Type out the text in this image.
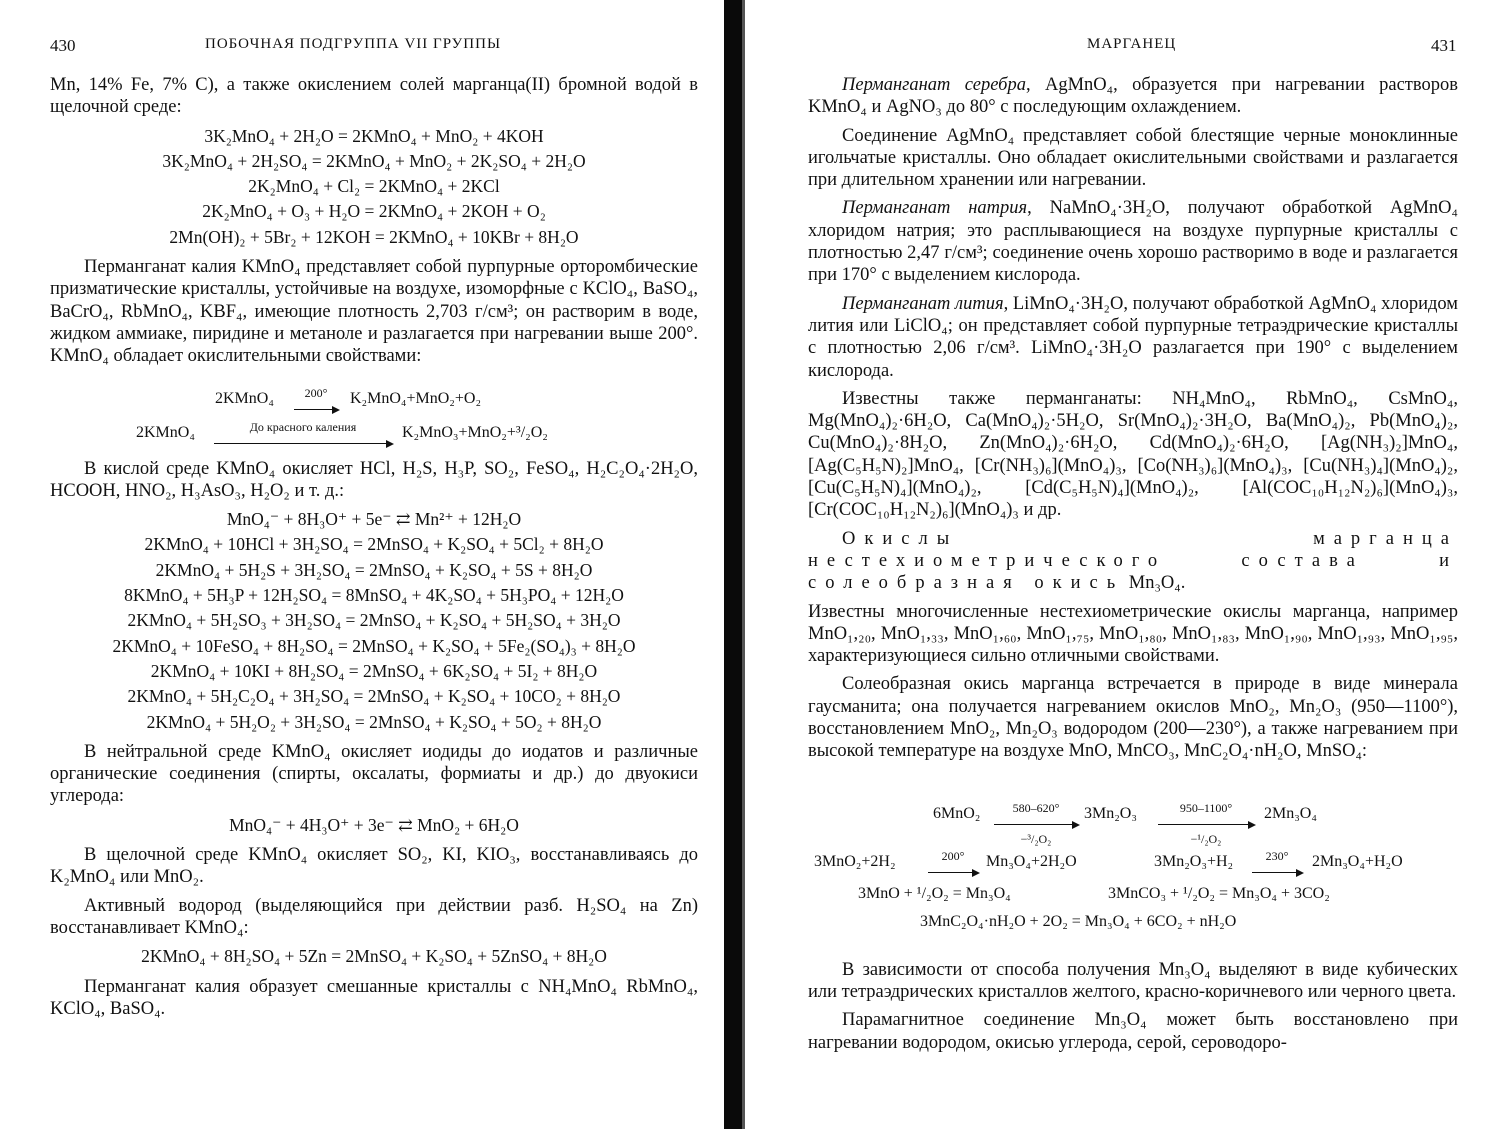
430	ПОБОЧНАЯ ПОДГРУППА VII ГРУППЫ

Mn, 14% Fe, 7% C), а также окислением солей марганца(II) бромной водой в щелочной среде:

3K₂MnO₄ + 2H₂O = 2KMnO₄ + MnO₂ + 4KOH
3K₂MnO₄ + 2H₂SO₄ = 2KMnO₄ + MnO₂ + 2K₂SO₄ + 2H₂O
2K₂MnO₄ + Cl₂ = 2KMnO₄ + 2KCl
2K₂MnO₄ + O₃ + H₂O = 2KMnO₄ + 2KOH + O₂
2Mn(OH)₂ + 5Br₂ + 12KOH = 2KMnO₄ + 10KBr + 8H₂O

Перманганат калия KMnO₄ представляет собой пурпурные орторомбические призматические кристаллы, устойчивые на воздухе, изоморфные с KClO₄, BaSO₄, BaCrO₄, RbMnO₄, KBF₄, имеющие плотность 2,703 г/см³; он растворим в воде, жидком аммиаке, пиридине и метаноле и разлагается при нагревании выше 200°. KMnO₄ обладает окислительными свойствами:

2KMnO₄	200°	K₂MnO₄+MnO₂+O₂
2KMnO₄	До красного каления	K₂MnO₃+MnO₂+³/₂O₂

В кислой среде KMnO₄ окисляет HCl, H₂S, H₃P, SO₂, FeSO₄, H₂C₂O₄·2H₂O, HCOOH, HNO₂, H₃AsO₃, H₂O₂ и т. д.:

MnO₄⁻ + 8H₃O⁺ + 5e⁻ ⇄ Mn²⁺ + 12H₂O
2KMnO₄ + 10HCl + 3H₂SO₄ = 2MnSO₄ + K₂SO₄ + 5Cl₂ + 8H₂O
2KMnO₄ + 5H₂S + 3H₂SO₄ = 2MnSO₄ + K₂SO₄ + 5S + 8H₂O
8KMnO₄ + 5H₃P + 12H₂SO₄ = 8MnSO₄ + 4K₂SO₄ + 5H₃PO₄ + 12H₂O
2KMnO₄ + 5H₂SO₃ + 3H₂SO₄ = 2MnSO₄ + K₂SO₄ + 5H₂SO₄ + 3H₂O
2KMnO₄ + 10FeSO₄ + 8H₂SO₄ = 2MnSO₄ + K₂SO₄ + 5Fe₂(SO₄)₃ + 8H₂O
2KMnO₄ + 10KI + 8H₂SO₄ = 2MnSO₄ + 6K₂SO₄ + 5I₂ + 8H₂O
2KMnO₄ + 5H₂C₂O₄ + 3H₂SO₄ = 2MnSO₄ + K₂SO₄ + 10CO₂ + 8H₂O
2KMnO₄ + 5H₂O₂ + 3H₂SO₄ = 2MnSO₄ + K₂SO₄ + 5O₂ + 8H₂O

В нейтральной среде KMnO₄ окисляет иодиды до иодатов и различные органические соединения (спирты, оксалаты, формиаты и др.) до двуокиси углерода:

MnO₄⁻ + 4H₃O⁺ + 3e⁻ ⇄ MnO₂ + 6H₂O

В щелочной среде KMnO₄ окисляет SO₂, KI, KIO₃, восстанавливаясь до K₂MnO₄ или MnO₂.

Активный водород (выделяющийся при действии разб. H₂SO₄ на Zn) восстанавливает KMnO₄:

2KMnO₄ + 8H₂SO₄ + 5Zn = 2MnSO₄ + K₂SO₄ + 5ZnSO₄ + 8H₂O

Перманганат калия образует смешанные кристаллы с NH₄MnO₄ RbMnO₄, KClO₄, BaSO₄.

МАРГАНЕЦ	431

Перманганат серебра, AgMnO₄, образуется при нагревании растворов KMnO₄ и AgNO₃ до 80° с последующим охлаждением.

Соединение AgMnO₄ представляет собой блестящие черные моноклинные игольчатые кристаллы. Оно обладает окислительными свойствами и разлагается при длительном хранении или нагревании.

Перманганат натрия, NaMnO₄·3H₂O, получают обработкой AgMnO₄ хлоридом натрия; это расплывающиеся на воздухе пурпурные кристаллы с плотностью 2,47 г/см³; соединение очень хорошо растворимо в воде и разлагается при 170° с выделением кислорода.

Перманганат лития, LiMnO₄·3H₂O, получают обработкой AgMnO₄ хлоридом лития или LiClO₄; он представляет собой пурпурные тетраэдрические кристаллы с плотностью 2,06 г/см³. LiMnO₄·3H₂O разлагается при 190° с выделением кислорода.

Известны также перманганаты: NH₄MnO₄, RbMnO₄, CsMnO₄, Mg(MnO₄)₂·6H₂O, Ca(MnO₄)₂·5H₂O, Sr(MnO₄)₂·3H₂O, Ba(MnO₄)₂, Pb(MnO₄)₂, Cu(MnO₄)₂·8H₂O, Zn(MnO₄)₂·6H₂O, Cd(MnO₄)₂·6H₂O, [Ag(NH₃)₂]MnO₄, [Ag(C₅H₅N)₂]MnO₄, [Cr(NH₃)₆](MnO₄)₃, [Co(NH₃)₆](MnO₄)₃, [Cu(NH₃)₄](MnO₄)₂, [Cu(C₅H₅N)₄](MnO₄)₂, [Cd(C₅H₅N)₄](MnO₄)₂, [Al(COC₁₀H₁₂N₂)₆](MnO₄)₃, [Cr(COC₁₀H₁₂N₂)₆](MnO₄)₃ и др.

Окислы марганца нестехиометрического состава и солеобразная окись Mn₃O₄.

Известны многочисленные нестехиометрические окислы марганца, например MnO₁,₂₀, MnO₁,₃₃, MnO₁,₆₀, MnO₁,₇₅, MnO₁,₈₀, MnO₁,₈₃, MnO₁,₉₀, MnO₁,₉₃, MnO₁,₉₅, характеризующиеся сильно отличными свойствами.

Солеобразная окись марганца встречается в природе в виде минерала гаусманита; она получается нагреванием окислов MnO₂, Mn₂O₃ (950—1100°), восстановлением MnO₂, Mn₂O₃ водородом (200—230°), а также нагреванием при высокой температуре на воздухе MnO, MnCO₃, MnC₂O₄·nH₂O, MnSO₄:

6MnO₂	580–620°
−³/₂O₂
3Mn₂O₃	950–1100°
−¹/₂O₂
2Mn₃O₄
3MnO₂+2H₂	200°	Mn₃O₄+2H₂O	3Mn₂O₃+H₂	230°	2Mn₃O₄+H₂O
3MnO + ¹/₂O₂ = Mn₃O₄	3MnCO₃ + ¹/₂O₂ = Mn₃O₄ + 3CO₂
3MnC₂O₄·nH₂O + 2O₂ = Mn₃O₄ + 6CO₂ + nH₂O

В зависимости от способа получения Mn₃O₄ выделяют в виде кубических или тетраэдрических кристаллов желтого, красно-коричневого или черного цвета.

Парамагнитное соединение Mn₃O₄ может быть восстановлено при нагревании водородом, окисью углерода, серой, сероводоро-
